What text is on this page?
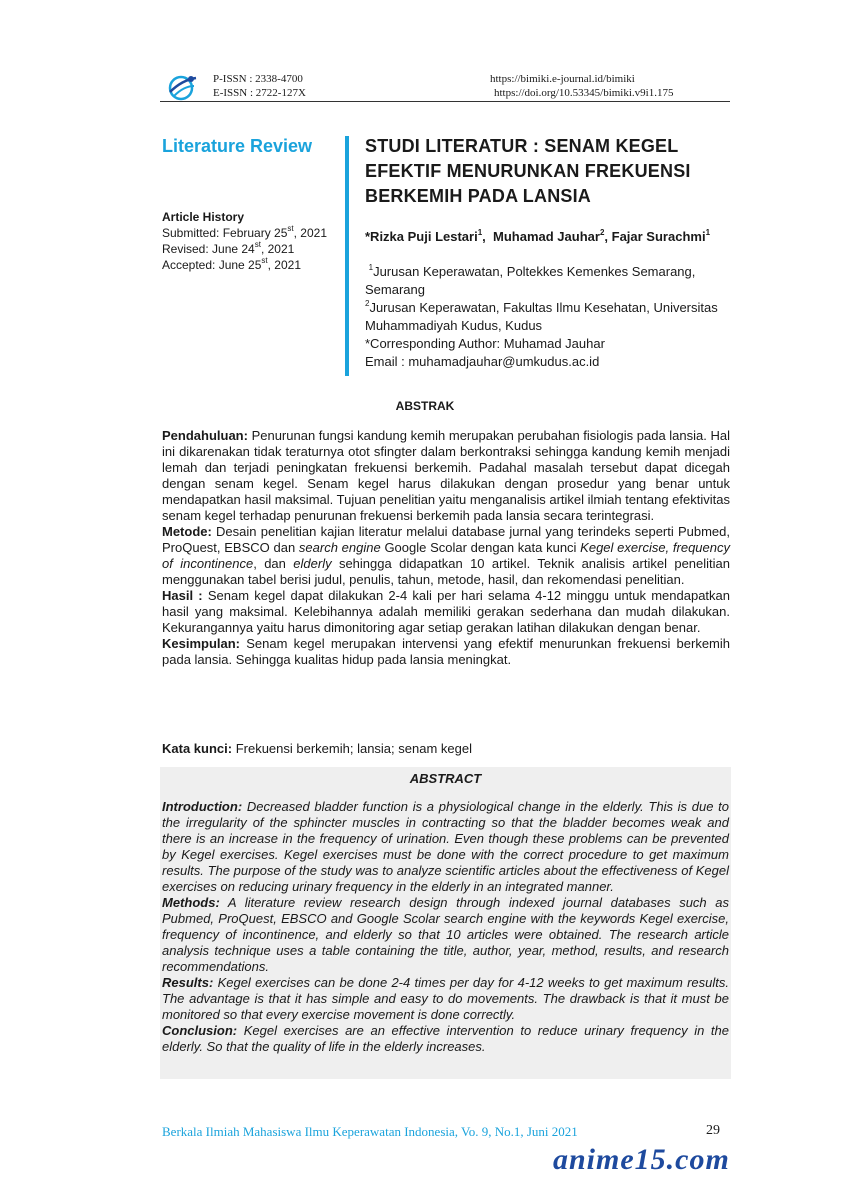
P-ISSN : 2338-4700
E-ISSN : 2722-127X
https://bimiki.e-journal.id/bimiki
https://doi.org/10.53345/bimiki.v9i1.175
Literature Review
Article History
Submitted: February 25st, 2021
Revised: June 24st, 2021
Accepted: June 25st, 2021
STUDI LITERATUR : SENAM KEGEL EFEKTIF MENURUNKAN FREKUENSI BERKEMIH PADA LANSIA
*Rizka Puji Lestari$^1$,  Muhamad Jauhar$^2$, Fajar Surachmi$^1$
$^1$Jurusan Keperawatan, Poltekkes Kemenkes Semarang, Semarang
$^2$Jurusan Keperawatan, Fakultas Ilmu Kesehatan, Universitas Muhammadiyah Kudus, Kudus
*Corresponding Author: Muhamad Jauhar
Email : muhamadjauhar@umkudus.ac.id
ABSTRAK

Pendahuluan: Penurunan fungsi kandung kemih merupakan perubahan fisiologis pada lansia. Hal ini dikarenakan tidak teraturnya otot sfingter dalam berkontraksi sehingga kandung kemih menjadi lemah dan terjadi peningkatan frekuensi berkemih. Padahal masalah tersebut dapat dicegah dengan senam kegel. Senam kegel harus dilakukan dengan prosedur yang benar untuk mendapatkan hasil maksimal. Tujuan penelitian yaitu menganalisis artikel ilmiah tentang efektivitas senam kegel terhadap penurunan frekuensi berkemih pada lansia secara terintegrasi.

Metode: Desain penelitian kajian literatur melalui database jurnal yang terindeks seperti Pubmed, ProQuest, EBSCO dan search engine Google Scolar dengan kata kunci Kegel exercise, frequency of incontinence, dan elderly sehingga didapatkan 10 artikel. Teknik analisis artikel penelitian menggunakan tabel berisi judul, penulis, tahun, metode, hasil, dan rekomendasi penelitian.

Hasil : Senam kegel dapat dilakukan 2-4 kali per hari selama 4-12 minggu untuk mendapatkan hasil yang maksimal. Kelebihannya adalah memiliki gerakan sederhana dan mudah dilakukan. Kekurangannya yaitu harus dimonitoring agar setiap gerakan latihan dilakukan dengan benar.

Kesimpulan: Senam kegel merupakan intervensi yang efektif menurunkan frekuensi berkemih pada lansia. Sehingga kualitas hidup pada lansia meningkat.

Kata kunci: Frekuensi berkemih; lansia; senam kegel
ABSTRACT

Introduction: Decreased bladder function is a physiological change in the elderly. This is due to the irregularity of the sphincter muscles in contracting so that the bladder becomes weak and there is an increase in the frequency of urination. Even though these problems can be prevented by Kegel exercises. Kegel exercises must be done with the correct procedure to get maximum results. The purpose of the study was to analyze scientific articles about the effectiveness of Kegel exercises on reducing urinary frequency in the elderly in an integrated manner.

Methods: A literature review research design through indexed journal databases such as Pubmed, ProQuest, EBSCO and Google Scolar search engine with the keywords Kegel exercise, frequency of incontinence, and elderly so that 10 articles were obtained. The research article analysis technique uses a table containing the title, author, year, method, results, and research recommendations.

Results: Kegel exercises can be done 2-4 times per day for 4-12 weeks to get maximum results. The advantage is that it has simple and easy to do movements. The drawback is that it must be monitored so that every exercise movement is done correctly.

Conclusion: Kegel exercises are an effective intervention to reduce urinary frequency in the elderly. So that the quality of life in the elderly increases.

Berkala Ilmiah Mahasiswa Ilmu Keperawatan Indonesia, Vo. 9, No.1, Juni 2021	29
anime15.com
